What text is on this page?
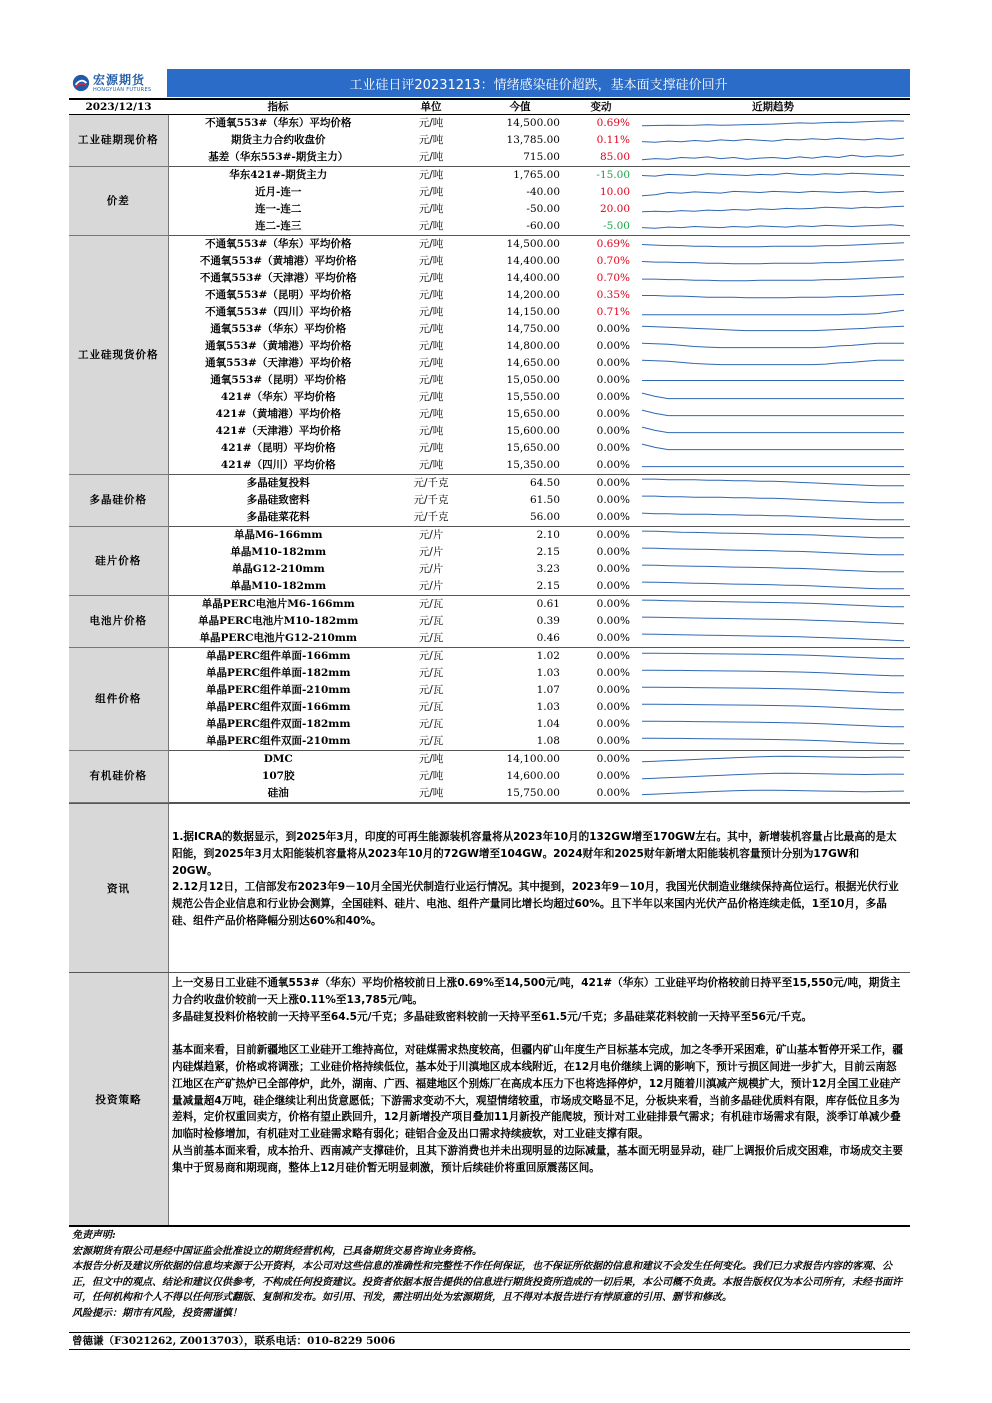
宏源期货
HONGYUAN FUTURES	工业硅日评20231213：情绪感染硅价超跌，基本面支撑硅价回升
2023/12/13	指标	单位	今值	变动	近期趋势
工业硅期现价格	不通氧553#（华东）平均价格	元/吨	14,500.00	0.69%	

	期货主力合约收盘价	元/吨	13,785.00	0.11%	

	基差（华东553#-期货主力）	元/吨	715.00	85.00	

价差	华东421#-期货主力	元/吨	1,765.00	-15.00	

	近月-连一	元/吨	-40.00	10.00	

	连一-连二	元/吨	-50.00	20.00	

	连二-连三	元/吨	-60.00	-5.00	

工业硅现货价格	不通氧553#（华东）平均价格	元/吨	14,500.00	0.69%	

	不通氧553#（黄埔港）平均价格	元/吨	14,400.00	0.70%	

	不通氧553#（天津港）平均价格	元/吨	14,400.00	0.70%	

	不通氧553#（昆明）平均价格	元/吨	14,200.00	0.35%	

	不通氧553#（四川）平均价格	元/吨	14,150.00	0.71%	

	通氧553#（华东）平均价格	元/吨	14,750.00	0.00%	

	通氧553#（黄埔港）平均价格	元/吨	14,800.00	0.00%	

	通氧553#（天津港）平均价格	元/吨	14,650.00	0.00%	

	通氧553#（昆明）平均价格	元/吨	15,050.00	0.00%	

	421#（华东）平均价格	元/吨	15,550.00	0.00%	

	421#（黄埔港）平均价格	元/吨	15,650.00	0.00%	

	421#（天津港）平均价格	元/吨	15,600.00	0.00%	

	421#（昆明）平均价格	元/吨	15,650.00	0.00%	

	421#（四川）平均价格	元/吨	15,350.00	0.00%	

多晶硅价格	多晶硅复投料	元/千克	64.50	0.00%	

	多晶硅致密料	元/千克	61.50	0.00%	

	多晶硅菜花料	元/千克	56.00	0.00%	

硅片价格	单晶M6-166mm	元/片	2.10	0.00%	

	单晶M10-182mm	元/片	2.15	0.00%	

	单晶G12-210mm	元/片	3.23	0.00%	

	单晶M10-182mm	元/片	2.15	0.00%	

电池片价格	单晶PERC电池片M6-166mm	元/瓦	0.61	0.00%	

	单晶PERC电池片M10-182mm	元/瓦	0.39	0.00%	

	单晶PERC电池片G12-210mm	元/瓦	0.46	0.00%	

组件价格	单晶PERC组件单面-166mm	元/瓦	1.02	0.00%	

	单晶PERC组件单面-182mm	元/瓦	1.03	0.00%	

	单晶PERC组件单面-210mm	元/瓦	1.07	0.00%	

	单晶PERC组件双面-166mm	元/瓦	1.03	0.00%	

	单晶PERC组件双面-182mm	元/瓦	1.04	0.00%	

	单晶PERC组件双面-210mm	元/瓦	1.08	0.00%	

有机硅价格	DMC	元/吨	14,100.00	0.00%	

	107胶	元/吨	14,600.00	0.00%	

	硅油	元/吨	15,750.00	0.00%	
资讯

1.据ICRA的数据显示，到2025年3月，印度的可再生能源装机容量将从2023年10月的132GW增至170GW左右。其中，新增装机容量占比最高的是太阳能，到2025年3月太阳能装机容量将从2023年10月的72GW增至104GW。2024财年和2025财年新增太阳能装机容量预计分别为17GW和20GW。

2.12月12日，工信部发布2023年9－10月全国光伏制造行业运行情况。其中提到，2023年9－10月，我国光伏制造业继续保持高位运行。根据光伏行业规范公告企业信息和行业协会测算，全国硅料、硅片、电池、组件产量同比增长均超过60%。且下半年以来国内光伏产品价格连续走低，1至10月，多晶硅、组件产品价格降幅分别达60%和40%。

投资策略

上一交易日工业硅不通氧553#（华东）平均价格较前日上涨0.69%至14,500元/吨，421#（华东）工业硅平均价格较前日持平至15,550元/吨，期货主力合约收盘价较前一天上涨0.11%至13,785元/吨。

多晶硅复投料价格较前一天持平至64.5元/千克；多晶硅致密料较前一天持平至61.5元/千克；多晶硅菜花料较前一天持平至56元/千克。

基本面来看，目前新疆地区工业硅开工维持高位，对硅煤需求热度较高，但疆内矿山年度生产目标基本完成，加之冬季开采困难，矿山基本暂停开采工作，疆内硅煤趋紧，价格或将调涨；工业硅价格持续低位，基本处于川滇地区成本线附近，在12月电价继续上调的影响下，预计亏损区间进一步扩大，目前云南怒江地区在产矿热炉已全部停炉，此外，湖南、广西、福建地区个别炼厂在高成本压力下也将选择停炉，12月随着川滇减产规模扩大，预计12月全国工业硅产量减量超4万吨，硅企继续让利出货意愿低；下游需求变动不大，观望情绪较重，市场成交略显不足，分板块来看，当前多晶硅优质料有限，库存低位且多为差料，定价权重回卖方，价格有望止跌回升，12月新增投产项目叠加11月新投产能爬坡，预计对工业硅排景气需求；有机硅市场需求有限，淡季订单减少叠加临时检修增加，有机硅对工业硅需求略有弱化；硅铝合金及出口需求持续疲软，对工业硅支撑有限。

从当前基本面来看，成本抬升、西南减产支撑硅价，且其下游消费也并未出现明显的边际减量，基本面无明显异动，硅厂上调报价后成交困难，市场成交主要集中于贸易商和期现商，整体上12月硅价暂无明显刺激，预计后续硅价将重回原震荡区间。

免责声明:

宏源期货有限公司是经中国证监会批准设立的期货经营机构，已具备期货交易咨询业务资格。

本报告分析及建议所依据的信息均来源于公开资料，本公司对这些信息的准确性和完整性不作任何保证，也不保证所依据的信息和建议不会发生任何变化。我们已力求报告内容的客观、公正，但文中的观点、结论和建议仅供参考，不构成任何投资建议。投资者依据本报告提供的信息进行期货投资所造成的一切后果，本公司概不负责。本报告版权仅为本公司所有，未经书面许可，任何机构和个人不得以任何形式翻版、复制和发布。如引用、刊发，需注明出处为宏源期货，且不得对本报告进行有悖原意的引用、删节和修改。

风险提示：期市有风险，投资需谨慎！

曾德谦（F3021262, Z0013703），联系电话：010-8229 5006
